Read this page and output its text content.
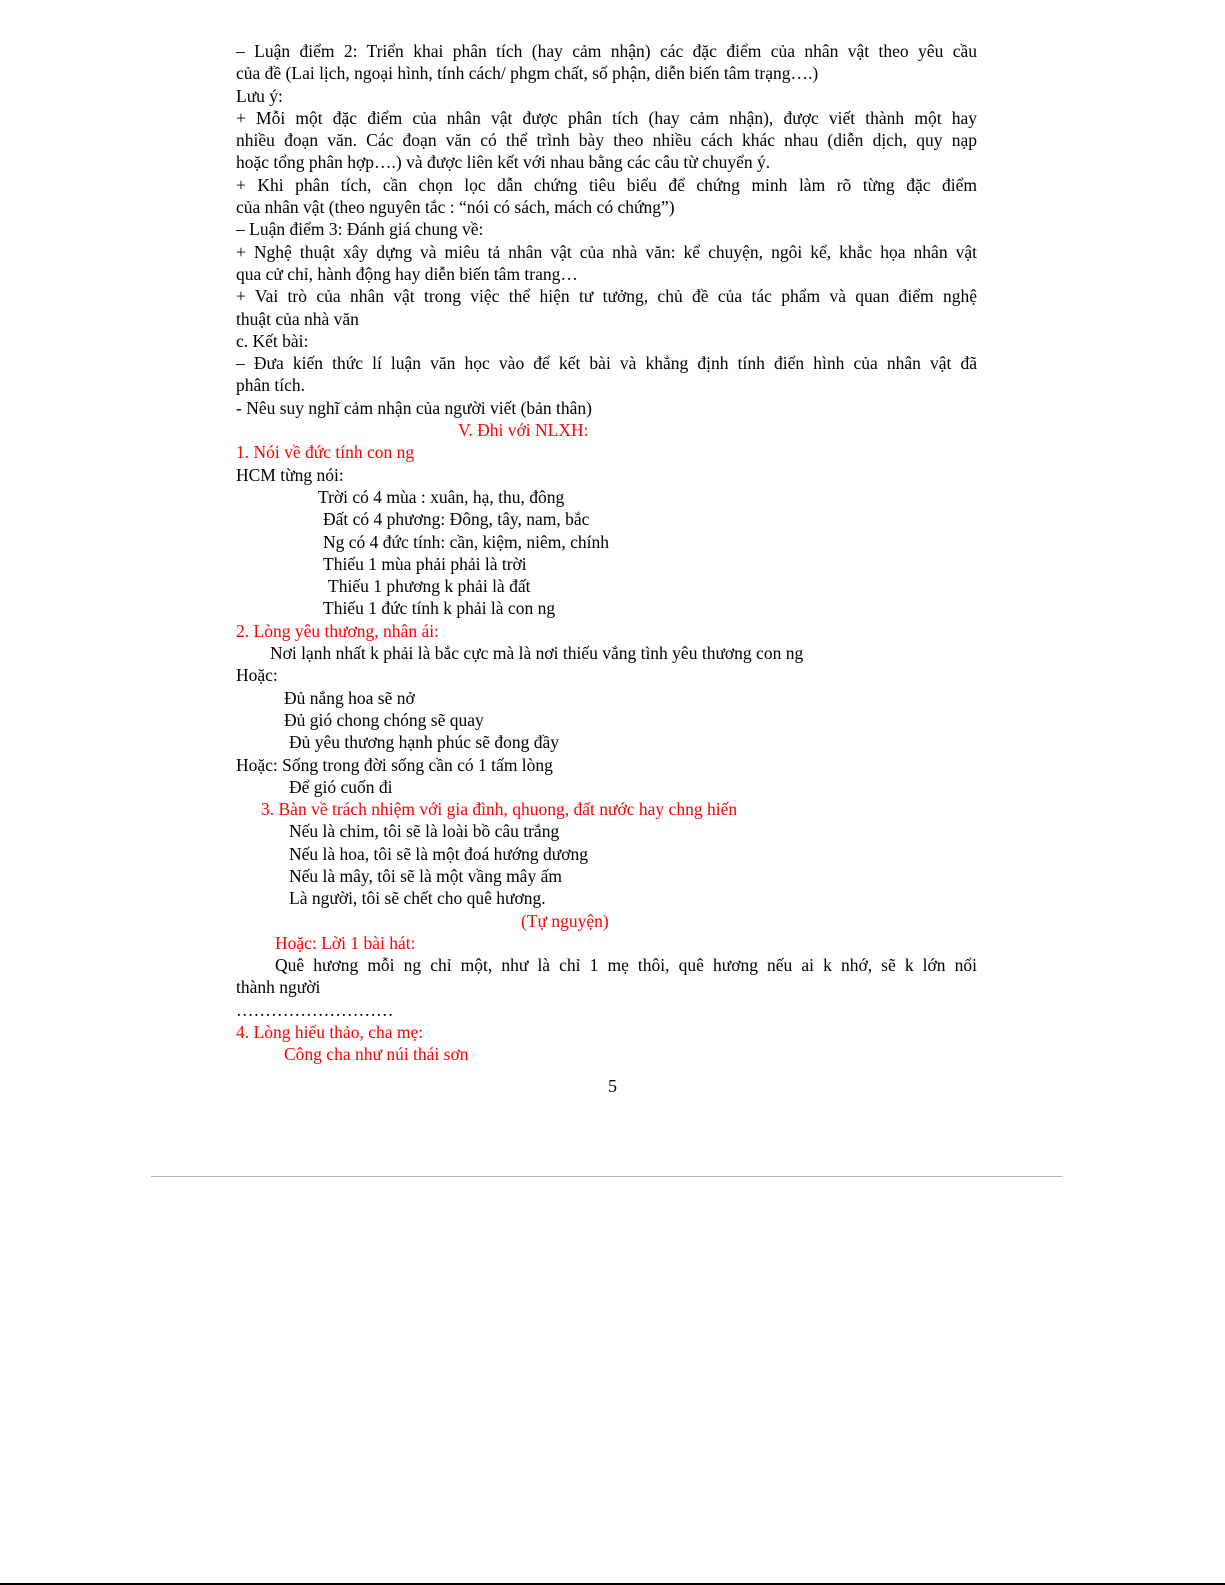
– Luận điểm 2: Triển khai phân tích (hay cảm nhận) các đặc điểm của nhân vật theo yêu cầu
của đề (Lai lịch, ngoại hình, tính cách/ phgm chất, số phận, diễn biến tâm trạng….)
Lưu ý:
+ Mỗi một đặc điểm của nhân vật được phân tích (hay cảm nhận), được viết thành một hay
nhiều đoạn văn. Các đoạn văn có thể trình bày theo nhiều cách khác nhau (diễn dịch, quy nạp
hoặc tổng phân hợp….) và được liên kết với nhau bằng các câu từ chuyển ý.
+ Khi phân tích, cần chọn lọc dẫn chứng tiêu biểu để chứng minh làm rõ từng đặc điểm
của nhân vật (theo nguyên tắc : “nói có sách, mách có chứng”)
– Luận điểm 3: Đánh giá chung về:
+ Nghệ thuật xây dựng và miêu tả nhân vật của nhà văn: kể chuyện, ngôi kể, khắc họa nhân vật
qua cử chỉ, hành động hay diễn biến tâm trang…
+ Vai trò của nhân vật trong việc thể hiện tư tưởng, chủ đề của tác phẩm và quan điểm nghệ
thuật của nhà văn
c. Kết bài:
– Đưa kiến thức lí luận văn học vào để kết bài và khẳng định tính điển hình của nhân vật đã
phân tích.
- Nêu suy nghĩ cảm nhận của người viết (bản thân)
V. Đhi với NLXH:
1. Nói về đức tính con ng
HCM từng nói:
Trời có 4 mùa : xuân, hạ, thu, đông
Đất có 4 phương: Đông, tây, nam, bắc
Ng có 4 đức tính: cần, kiệm, niêm, chính
Thiếu 1 mùa phải phải là trời
Thiếu 1 phương k phải là đất
Thiếu 1 đức tính k phải là con ng
2. Lòng yêu thương, nhân ái:
Nơi lạnh nhất k phải là bắc cực mà là nơi thiếu vắng tình yêu thương con ng
Hoặc:
Đủ nắng hoa sẽ nở
Đủ gió chong chóng sẽ quay
Đủ yêu thương hạnh phúc sẽ đong đầy
Hoặc: Sống trong đời sống cần có 1 tấm lòng
Để gió cuốn đi
3. Bàn về trách nhiệm với gia đình, qhuong, đất nước hay chng hiến
Nếu là chim, tôi sẽ là loài bồ câu trắng
Nếu là hoa, tôi sẽ là một đoá hướng dương
Nếu là mây, tôi sẽ là một vầng mây ấm
Là người, tôi sẽ chết cho quê hương.
(Tự nguyện)
Hoặc: Lời 1 bài hát:
Quê hương mỗi ng chỉ một, như là chỉ 1 mẹ thôi, quê hương nếu ai k nhớ, sẽ k lớn nổi
thành người
………………………
4. Lòng hiếu thảo, cha mẹ:
Công cha như núi thái sơn
5
